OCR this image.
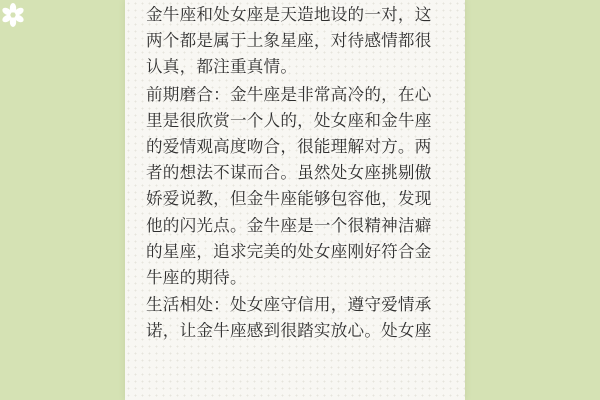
金牛座和处女座是天造地设的一对，这
两个都是属于土象星座，对待感情都很
认真，都注重真情。

前期磨合：金牛座是非常高冷的，在心
里是很欣赏一个人的，处女座和金牛座
的爱情观高度吻合，很能理解对方。两
者的想法不谋而合。虽然处女座挑剔傲
娇爱说教，但金牛座能够包容他，发现
他的闪光点。金牛座是一个很精神洁癖
的星座，追求完美的处女座刚好符合金
牛座的期待。

生活相处：处女座守信用，遵守爱情承
诺，让金牛座感到很踏实放心。处女座
